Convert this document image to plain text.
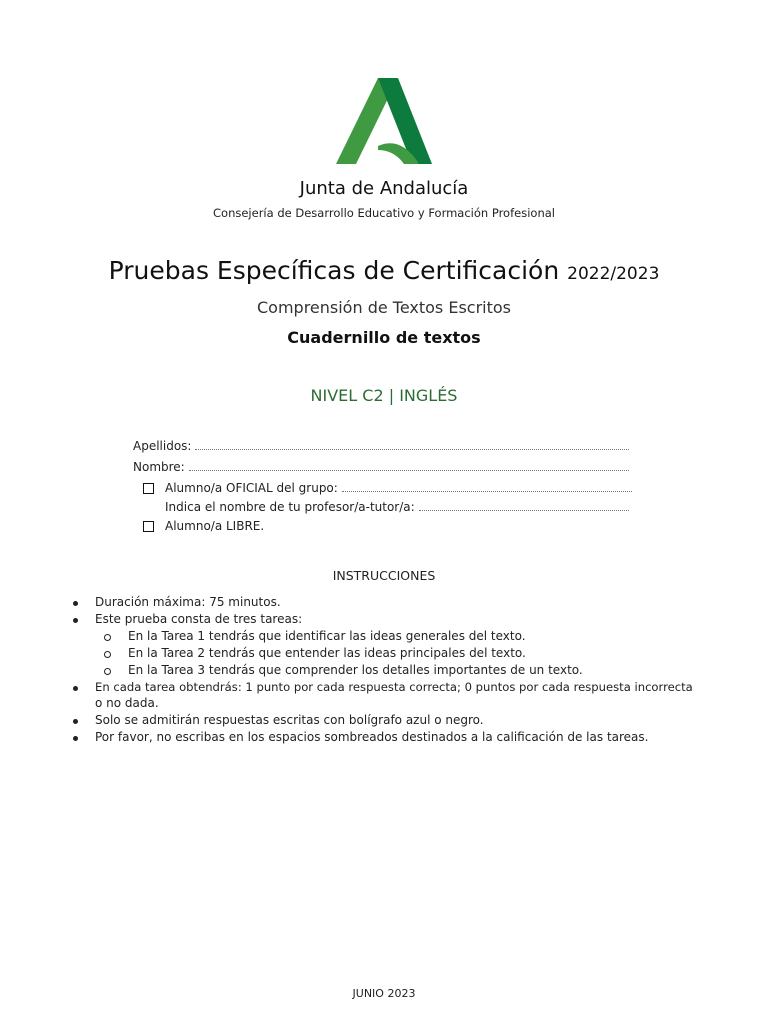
Junta de Andalucía
Consejería de Desarrollo Educativo y Formación Profesional
Pruebas Específicas de Certificación 2022/2023
Comprensión de Textos Escritos
Cuadernillo de textos
NIVEL C2 | INGLÉS
Apellidos:
Nombre:
Alumno/a OFICIAL del grupo:
Indica el nombre de tu profesor/a-tutor/a:
Alumno/a LIBRE.
INSTRUCCIONES
Duración máxima: 75 minutos.
Este prueba consta de tres tareas:
En la Tarea 1 tendrás que identificar las ideas generales del texto.
En la Tarea 2 tendrás que entender las ideas principales del texto.
En la Tarea 3 tendrás que comprender los detalles importantes de un texto.
En cada tarea obtendrás: 1 punto por cada respuesta correcta; 0 puntos por cada respuesta incorrecta
o no dada.
Solo se admitirán respuestas escritas con bolígrafo azul o negro.
Por favor, no escribas en los espacios sombreados destinados a la calificación de las tareas.
JUNIO 2023
